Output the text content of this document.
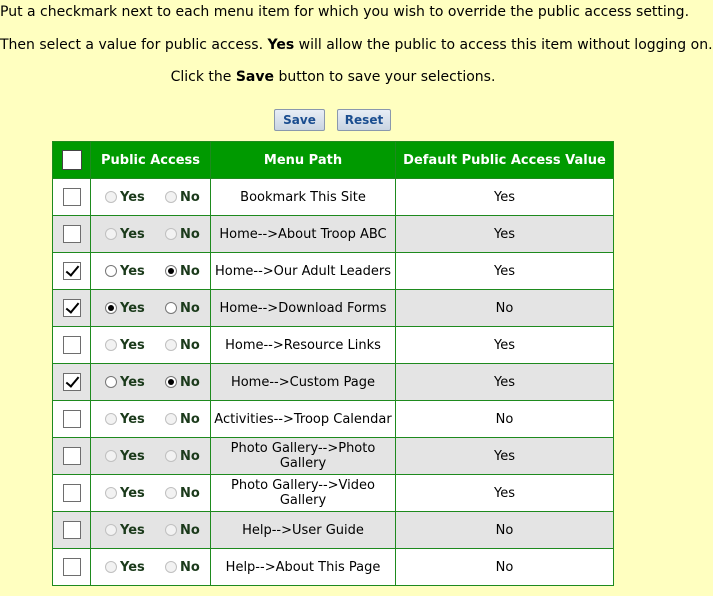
Put a checkmark next to each menu item for which you wish to override the public access setting.
Then select a value for public access. Yes will allow the public to access this item without logging on.
Click the Save button to save your selections.
Save	Reset
	Public Access	Menu Path	Default Public Access Value

	Yes No	Bookmark This Site	Yes

	Yes No	Home-->About Troop ABC	Yes

	Yes No	Home-->Our Adult Leaders	Yes

	Yes No	Home-->Download Forms	No

	Yes No	Home-->Resource Links	Yes

	Yes No	Home-->Custom Page	Yes

	Yes No	Activities-->Troop Calendar	No

	Yes No	Photo Gallery-->Photo Gallery	Yes

	Yes No	Photo Gallery-->Video Gallery	Yes

	Yes No	Help-->User Guide	No

	Yes No	Help-->About This Page	No
